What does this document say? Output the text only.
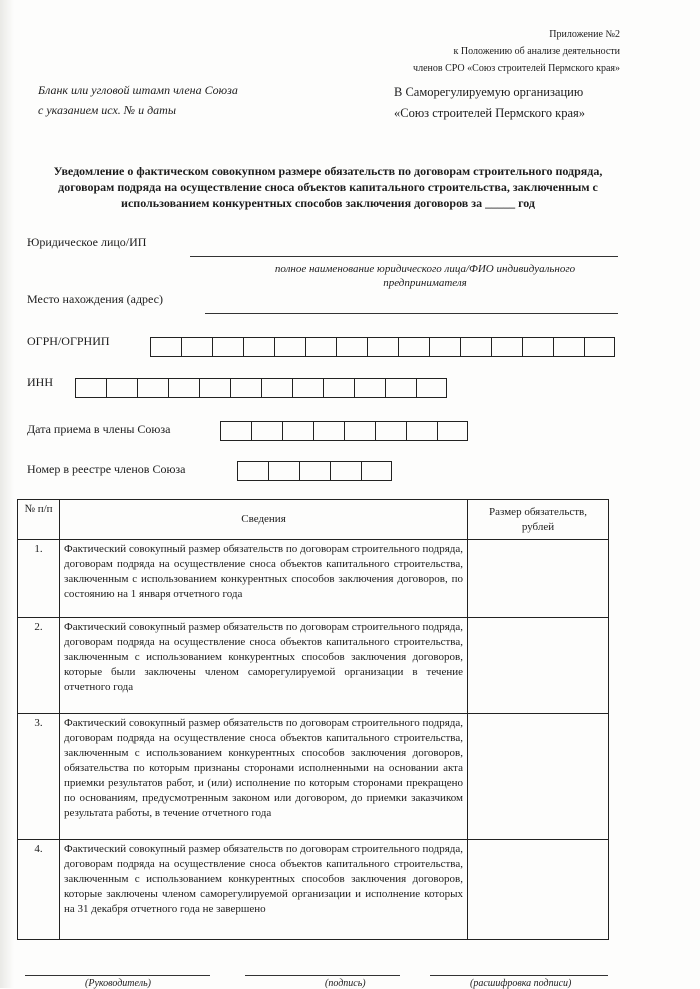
Приложение №2
к Положению об анализе деятельности
членов СРО «Союз строителей Пермского края»
Бланк или угловой штамп члена Союза
с указанием исх. № и даты
В Саморегулируемую организацию
«Союз строителей Пермского края»
Уведомление о фактическом совокупном размере обязательств по договорам строительного подряда, договорам подряда на осуществление сноса объектов капитального строительства, заключенным с использованием конкурентных способов заключения договоров за _____ год
Юридическое лицо/ИП
полное наименование юридического лица/ФИО индивидуального предпринимателя
Место нахождения (адрес)
ОГРН/ОГРНИП
ИНН
Дата приема в члены Союза
Номер в реестре членов Союза
№ п/п	Сведения	Размер обязательств, рублей
1.	Фактический совокупный размер обязательств по договорам строительного подряда, договорам подряда на осуществление сноса объектов капитального строительства, заключенным с использованием конкурентных способов заключения договоров, по состоянию на 1 января отчетного года	
2.	Фактический совокупный размер обязательств по договорам строительного подряда, договорам подряда на осуществление сноса объектов капитального строительства, заключенным с использованием конкурентных способов заключения договоров, которые были заключены членом саморегулируемой организации в течение отчетного года	
3.	Фактический совокупный размер обязательств по договорам строительного подряда, договорам подряда на осуществление сноса объектов капитального строительства, заключенным с использованием конкурентных способов заключения договоров, обязательства по которым признаны сторонами исполненными на основании акта приемки результатов работ, и (или) исполнение по которым сторонами прекращено по основаниям, предусмотренным законом или договором, до приемки заказчиком результата работы, в течение отчетного года	
4.	Фактический совокупный размер обязательств по договорам строительного подряда, договорам подряда на осуществление сноса объектов капитального строительства, заключенным с использованием конкурентных способов заключения договоров, которые заключены членом саморегулируемой организации и исполнение которых на 31 декабря отчетного года не завершено	
(Руководитель)	(подпись)	(расшифровка подписи)
